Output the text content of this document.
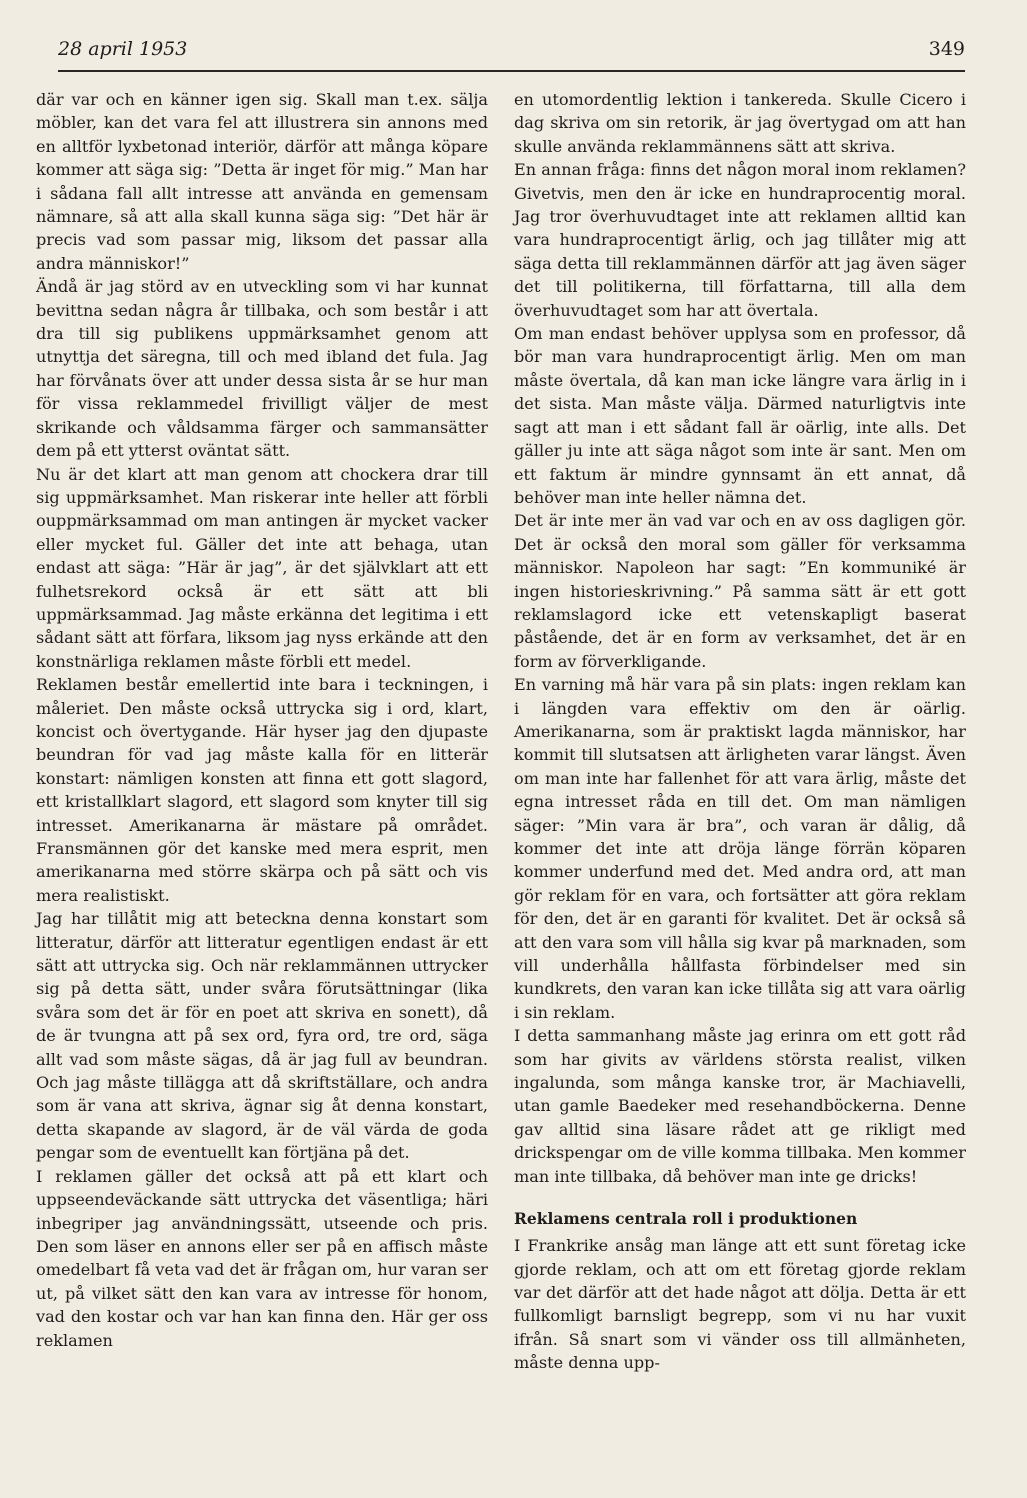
28 april 1953	349

där var och en känner igen sig. Skall man t.ex. sälja möbler, kan det vara fel att illustrera sin annons med en alltför lyxbetonad interiör, därför att många köpare kommer att säga sig: ”Detta är inget för mig.” Man har i sådana fall allt intresse att använda en gemensam nämnare, så att alla skall kunna säga sig: ”Det här är precis vad som passar mig, liksom det passar alla andra människor!”

Ändå är jag störd av en utveckling som vi har kunnat bevittna sedan några år tillbaka, och som består i att dra till sig publikens uppmärksamhet genom att utnyttja det säregna, till och med ibland det fula. Jag har förvånats över att under dessa sista år se hur man för vissa reklammedel frivilligt väljer de mest skrikande och våldsamma färger och sammansätter dem på ett ytterst oväntat sätt.

Nu är det klart att man genom att chockera drar till sig uppmärksamhet. Man riskerar inte heller att förbli ouppmärksammad om man antingen är mycket vacker eller mycket ful. Gäller det inte att behaga, utan endast att säga: ”Här är jag”, är det självklart att ett fulhetsrekord också är ett sätt att bli uppmärksammad. Jag måste erkänna det legitima i ett sådant sätt att förfara, liksom jag nyss erkände att den konstnärliga reklamen måste förbli ett medel.

Reklamen består emellertid inte bara i teckningen, i måleriet. Den måste också uttrycka sig i ord, klart, koncist och övertygande. Här hyser jag den djupaste beundran för vad jag måste kalla för en litterär konstart: nämligen konsten att finna ett gott slagord, ett kristallklart slagord, ett slagord som knyter till sig intresset. Amerikanarna är mästare på området. Fransmännen gör det kanske med mera esprit, men amerikanarna med större skärpa och på sätt och vis mera realistiskt.

Jag har tillåtit mig att beteckna denna konstart som litteratur, därför att litteratur egentligen endast är ett sätt att uttrycka sig. Och när reklammännen uttrycker sig på detta sätt, under svåra förutsättningar (lika svåra som det är för en poet att skriva en sonett), då de är tvungna att på sex ord, fyra ord, tre ord, säga allt vad som måste sägas, då är jag full av beundran. Och jag måste tillägga att då skriftställare, och andra som är vana att skriva, ägnar sig åt denna konstart, detta skapande av slagord, är de väl värda de goda pengar som de eventuellt kan förtjäna på det.

I reklamen gäller det också att på ett klart och uppseendeväckande sätt uttrycka det väsentliga; häri inbegriper jag användningssätt, utseende och pris. Den som läser en annons eller ser på en affisch måste omedelbart få veta vad det är frågan om, hur varan ser ut, på vilket sätt den kan vara av intresse för honom, vad den kostar och var han kan finna den. Här ger oss reklamen

en utomordentlig lektion i tankereda. Skulle Cicero i dag skriva om sin retorik, är jag övertygad om att han skulle använda reklammännens sätt att skriva.

En annan fråga: finns det någon moral inom reklamen? Givetvis, men den är icke en hundraprocentig moral. Jag tror överhuvudtaget inte att reklamen alltid kan vara hundraprocentigt ärlig, och jag tillåter mig att säga detta till reklammännen därför att jag även säger det till politikerna, till författarna, till alla dem överhuvudtaget som har att övertala.

Om man endast behöver upplysa som en professor, då bör man vara hundraprocentigt ärlig. Men om man måste övertala, då kan man icke längre vara ärlig in i det sista. Man måste välja. Därmed naturligtvis inte sagt att man i ett sådant fall är oärlig, inte alls. Det gäller ju inte att säga något som inte är sant. Men om ett faktum är mindre gynnsamt än ett annat, då behöver man inte heller nämna det.

Det är inte mer än vad var och en av oss dagligen gör. Det är också den moral som gäller för verksamma människor. Napoleon har sagt: ”En kommuniké är ingen historieskrivning.” På samma sätt är ett gott reklamslagord icke ett vetenskapligt baserat påstående, det är en form av verksamhet, det är en form av förverkligande.

En varning må här vara på sin plats: ingen reklam kan i längden vara effektiv om den är oärlig. Amerikanarna, som är praktiskt lagda människor, har kommit till slutsatsen att ärligheten varar längst. Även om man inte har fallenhet för att vara ärlig, måste det egna intresset råda en till det. Om man nämligen säger: ”Min vara är bra”, och varan är dålig, då kommer det inte att dröja länge förrän köparen kommer underfund med det. Med andra ord, att man gör reklam för en vara, och fortsätter att göra reklam för den, det är en garanti för kvalitet. Det är också så att den vara som vill hålla sig kvar på marknaden, som vill underhålla hållfasta förbindelser med sin kundkrets, den varan kan icke tillåta sig att vara oärlig i sin reklam.

I detta sammanhang måste jag erinra om ett gott råd som har givits av världens största realist, vilken ingalunda, som många kanske tror, är Machiavelli, utan gamle Baedeker med resehandböckerna. Denne gav alltid sina läsare rådet att ge rikligt med drickspengar om de ville komma tillbaka. Men kommer man inte tillbaka, då behöver man inte ge dricks!

Reklamens centrala roll i produktionen

I Frankrike ansåg man länge att ett sunt företag icke gjorde reklam, och att om ett företag gjorde reklam var det därför att det hade något att dölja. Detta är ett fullkomligt barnsligt begrepp, som vi nu har vuxit ifrån. Så snart som vi vänder oss till allmänheten, måste denna upp-
